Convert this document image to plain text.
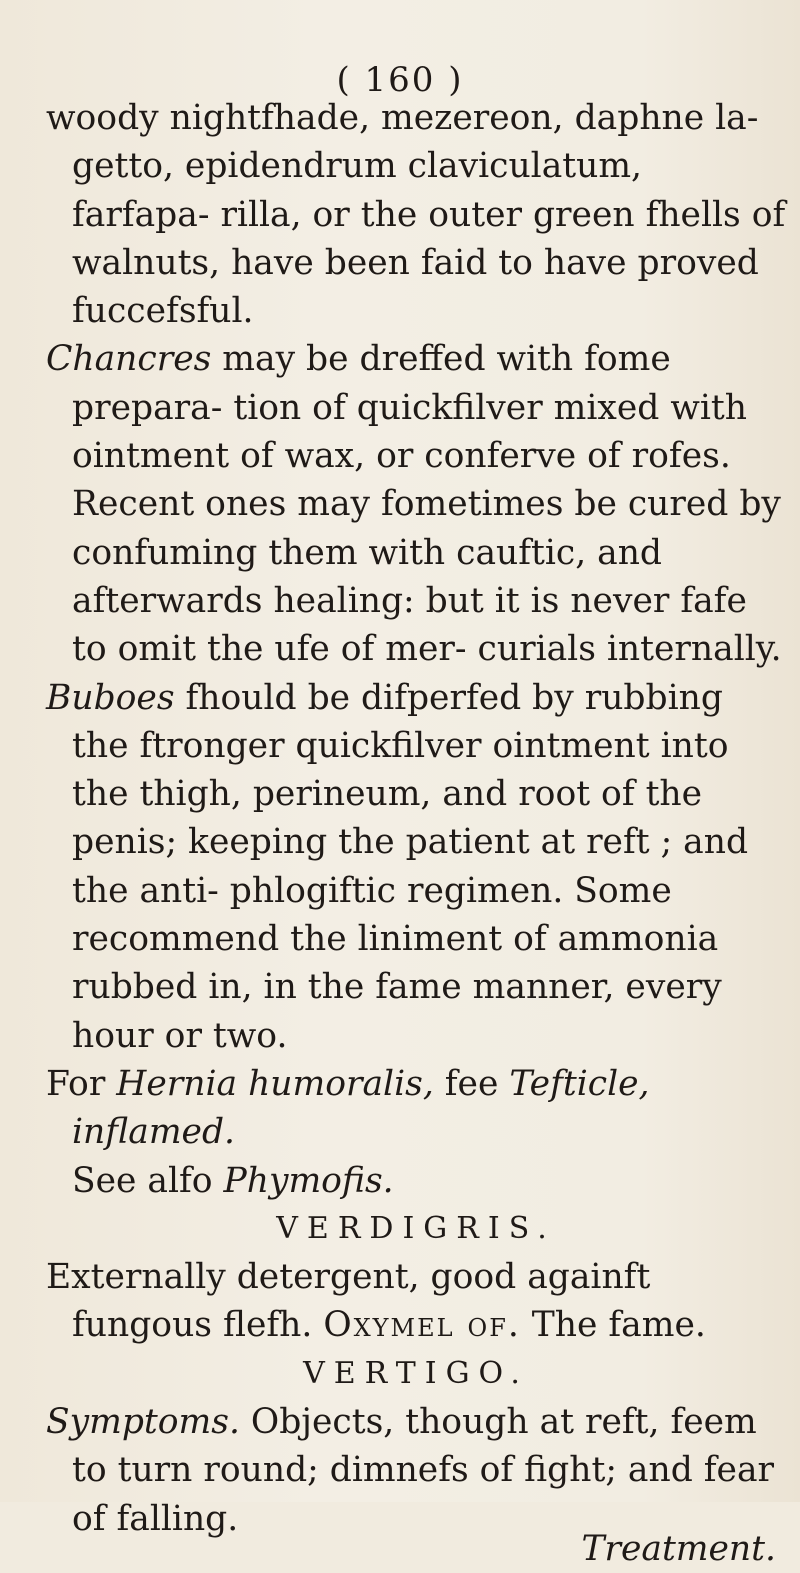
( 160 )

woody nightfhade, mezereon, daphne la- getto, epidendrum claviculatum, farfapa- rilla, or the outer green fhells of walnuts, have been faid to have proved fuccefsful.

Chancres may be dreffed with fome prepara- tion of quickfilver mixed with ointment of wax, or conferve of rofes. Recent ones may fometimes be cured by confuming them with cauftic, and afterwards healing: but it is never fafe to omit the ufe of mer- curials internally.

Buboes fhould be difperfed by rubbing the ftronger quickfilver ointment into the thigh, perineum, and root of the penis; keeping the patient at reft ; and the anti- phlogiftic regimen. Some recommend the liniment of ammonia rubbed in, in the fame manner, every hour or two.

For Hernia humoralis, fee Tefticle, inflamed.
See alfo Phymofis.

VERDIGRIS.

Externally detergent, good againft fungous flefh. Oxymel of. The fame.

VERTIGO.

Symptoms. Objects, though at reft, feem to turn round; dimnefs of fight; and fear of falling.

Treatment.
